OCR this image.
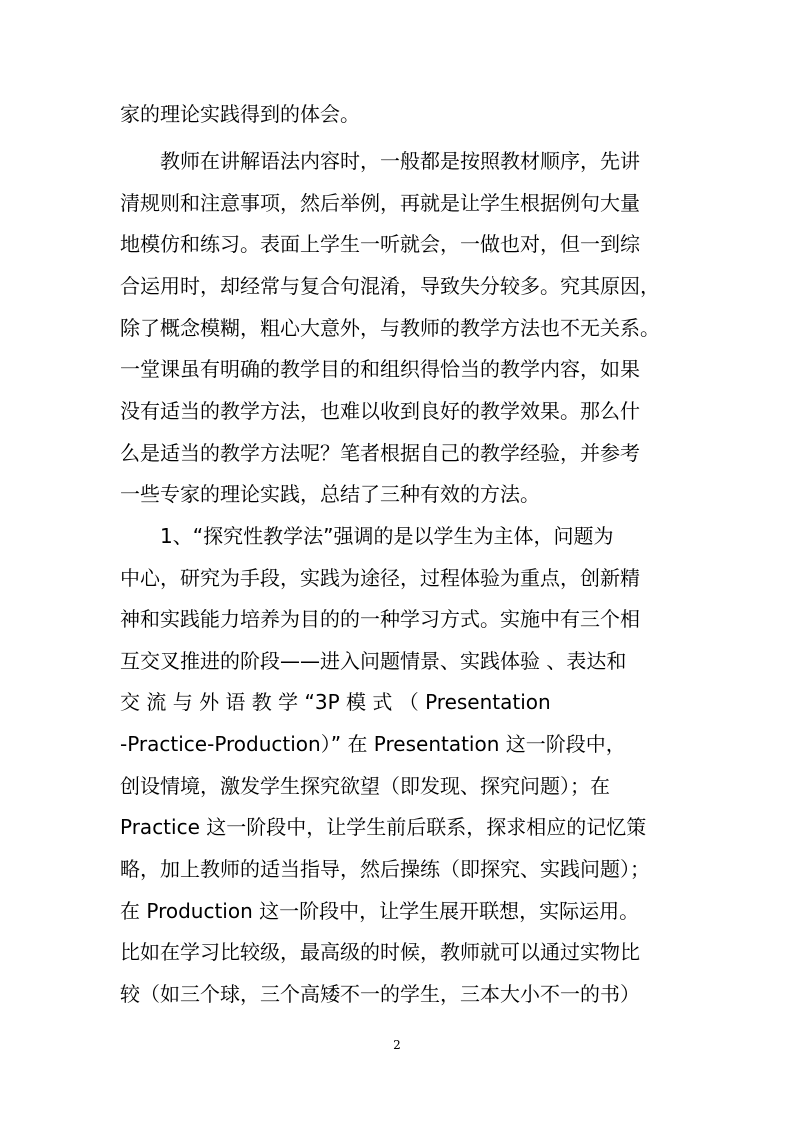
家的理论实践得到的体会。
教师在讲解语法内容时，一般都是按照教材顺序，先讲
清规则和注意事项，然后举例，再就是让学生根据例句大量
地模仿和练习。表面上学生一听就会，一做也对，但一到综
合运用时，却经常与复合句混淆，导致失分较多。究其原因，
除了概念模糊，粗心大意外，与教师的教学方法也不无关系。
一堂课虽有明确的教学目的和组织得恰当的教学内容，如果
没有适当的教学方法，也难以收到良好的教学效果。那么什
么是适当的教学方法呢？笔者根据自己的教学经验，并参考
一些专家的理论实践，总结了三种有效的方法。
1、“探究性教学法”强调的是以学生为主体，问题为
中心，研究为手段，实践为途径，过程体验为重点，创新精
神和实践能力培养为目的的一种学习方式。实施中有三个相
互交叉推进的阶段——进入问题情景、实践体验 、表达和
交 流 与 外 语 教 学 “3P 模 式 （ Presentation
-Practice-Production）” 在 Presentation 这一阶段中，
创设情境，激发学生探究欲望（即发现、探究问题）；在
Practice 这一阶段中，让学生前后联系，探求相应的记忆策
略，加上教师的适当指导，然后操练（即探究、实践问题）；
在 Production 这一阶段中，让学生展开联想，实际运用。
比如在学习比较级，最高级的时候，教师就可以通过实物比
较（如三个球，三个高矮不一的学生，三本大小不一的书）
2
